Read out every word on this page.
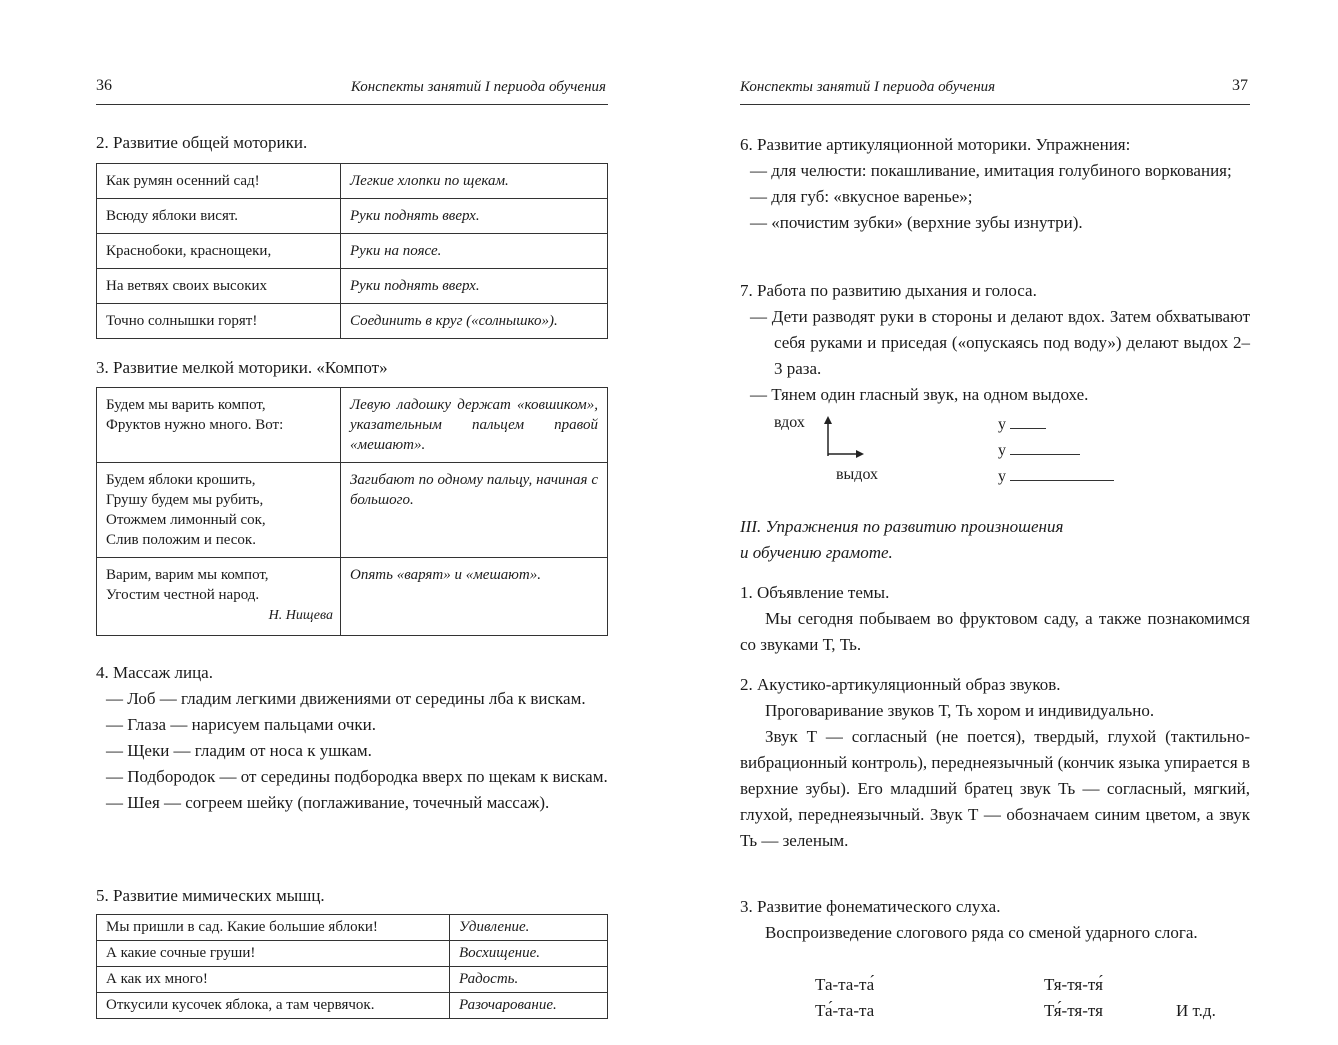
36	Конспекты занятий I периода обучения
2. Развитие общей моторики.
Как румян осенний сад!	Легкие хлопки по щекам.
Всюду яблоки висят.	Руки поднять вверх.
Краснобоки, краснощеки,	Руки на поясе.
На ветвях своих высоких	Руки поднять вверх.
Точно солнышки горят!	Соединить в круг («солнышко»).
3. Развитие мелкой моторики. «Компот»
Будем мы варить компот,
Фруктов нужно много. Вот:	Левую ладошку держат «ковшиком», указательным пальцем правой «мешают».

Будем яблоки крошить,
Грушу будем мы рубить,
Отожмем лимонный сок,
Слив положим и песок.	Загибают по одному пальцу, начиная с большого.

Варим, варим мы компот,
Угостим честной народ.
Н. Нищева	Опять «варят» и «мешают».
4. Массаж лица.
— Лоб — гладим легкими движениями от середины лба к вискам.
— Глаза — нарисуем пальцами очки.
— Щеки — гладим от носа к ушкам.
— Подбородок — от середины подбородка вверх по щекам к вискам.
— Шея — согреем шейку (поглаживание, точечный массаж).
5. Развитие мимических мышц.
Мы пришли в сад. Какие большие яблоки!	Удивление.
А какие сочные груши!	Восхищение.
А как их много!	Радость.
Откусили кусочек яблока, а там червячок.	Разочарование.
Конспекты занятий I периода обучения	37
6. Развитие артикуляционной моторики. Упражнения:
— для челюсти: покашливание, имитация голубиного воркования;
— для губ: «вкусное варенье»;
— «почистим зубки» (верхние зубы изнутри).
7. Работа по развитию дыхания и голоса.
— Дети разводят руки в стороны и делают вдох. Затем обхватывают себя руками и приседая («опускаясь под воду») делают выдох 2–3 раза.
— Тянем один гласный звук, на одном выдохе.
вдох
выдох
у
у
у
III. Упражнения по развитию произношения
и обучению грамоте.
1. Объявление темы.
Мы сегодня побываем во фруктовом саду, а также познакомимся со звуками Т, Ть.
2. Акустико-артикуляционный образ звуков.
Проговаривание звуков Т, Ть хором и индивидуально.
Звук Т — согласный (не поется), твердый, глухой (тактильно-вибрационный контроль), переднеязычный (кончик языка упирается в верхние зубы). Его младший братец звук Ть — согласный, мягкий, глухой, переднеязычный. Звук Т — обозначаем синим цветом, а звук Ть — зеленым.
3. Развитие фонематического слуха.
Воспроизведение слогового ряда со сменой ударного слога.
Та-та-та́	Тя-тя-тя́
Та́-та-та	Тя́-тя-тя	И т.д.
